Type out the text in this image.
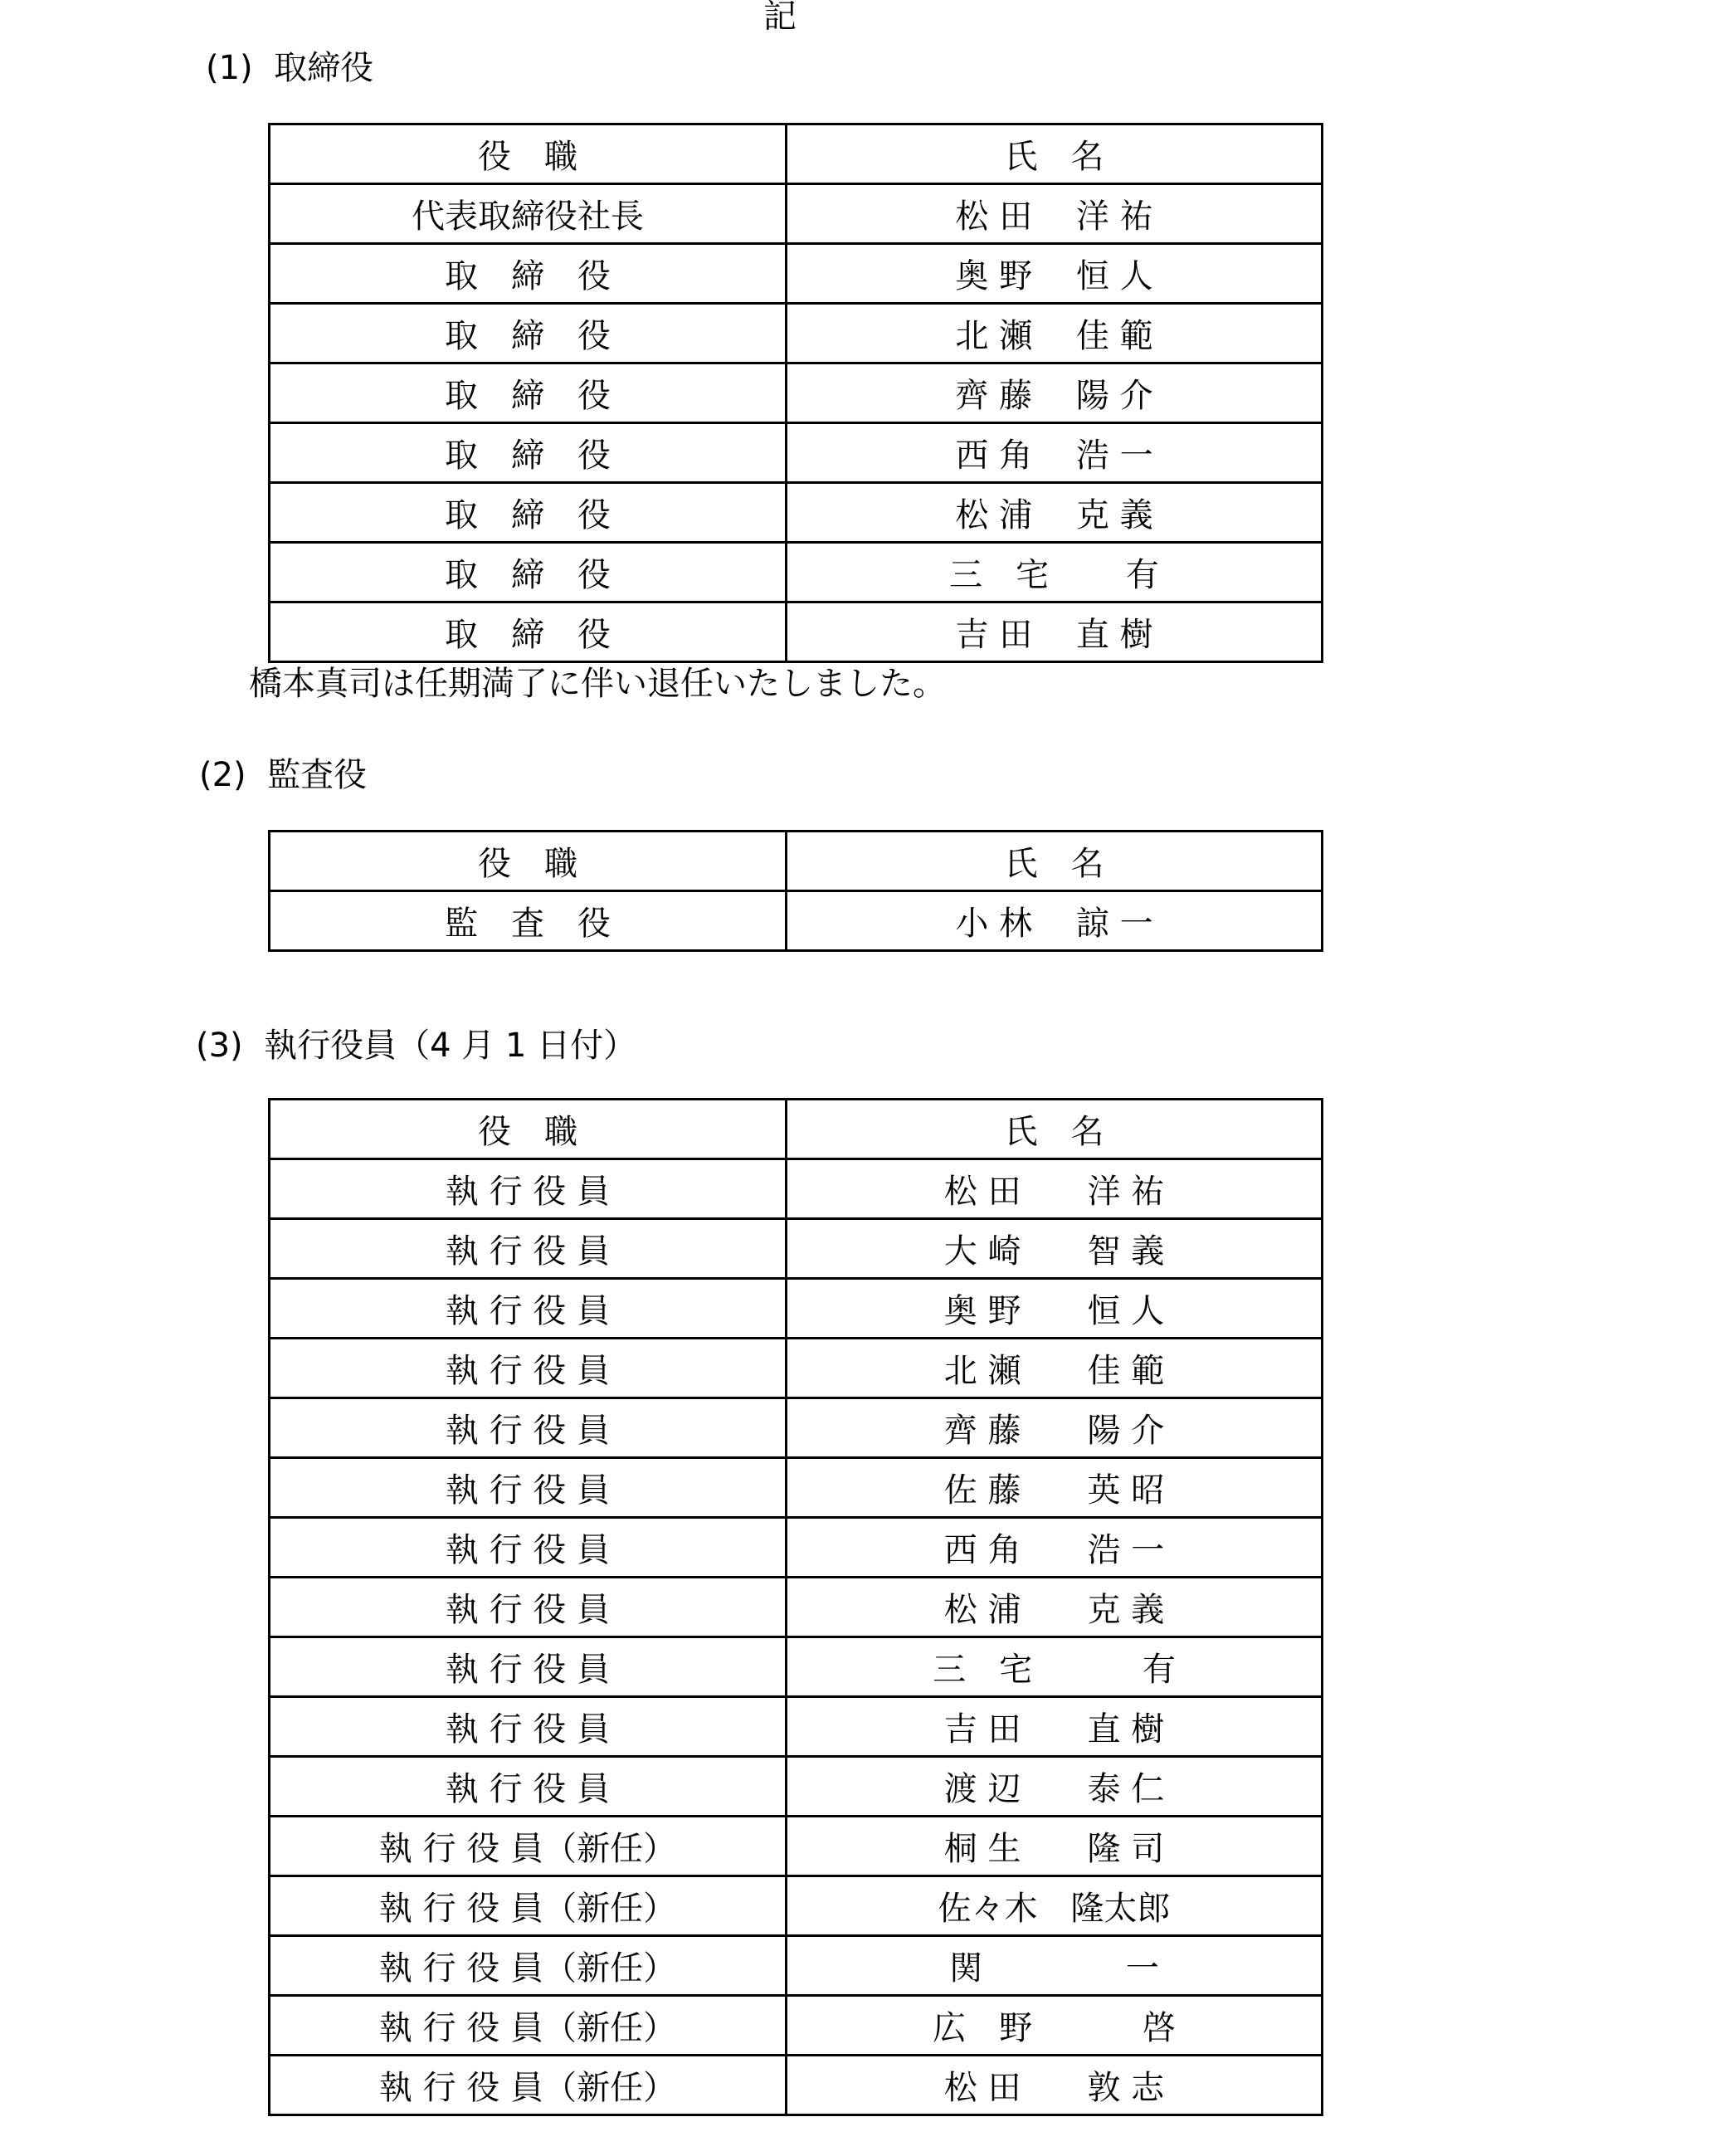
記
(1)  取締役
役　職	氏　名
代表取締役社長	松 田　 洋 祐
取　締　役	奥 野　 恒 人
取　締　役	北 瀬　 佳 範
取　締　役	齊 藤　 陽 介
取　締　役	西 角　 浩 一
取　締　役	松 浦　 克 義
取　締　役	三　宅　　 有
取　締　役	吉 田　 直 樹
橋本真司は任期満了に伴い退任いたしました。
(2)  監査役
役　職	氏　名
監　査　役	小 林　 諒 一
(3)  執行役員（4 月 1 日付）
役　職	氏　名
執 行 役 員	松 田　　洋 祐
執 行 役 員	大 崎　　智 義
執 行 役 員	奥 野　　恒 人
執 行 役 員	北 瀬　　佳 範
執 行 役 員	齊 藤　　陽 介
執 行 役 員	佐 藤　　英 昭
執 行 役 員	西 角　　浩 一
執 行 役 員	松 浦　　克 義
執 行 役 員	三　宅　　　 有
執 行 役 員	吉 田　　直 樹
執 行 役 員	渡 辺　　泰 仁
執 行 役 員（新任）	桐 生　　隆 司
執 行 役 員（新任）	佐々木　隆太郎
執 行 役 員（新任）	関　　　　 一
執 行 役 員（新任）	広　野　　　 啓
執 行 役 員（新任）	松 田　　敦 志
